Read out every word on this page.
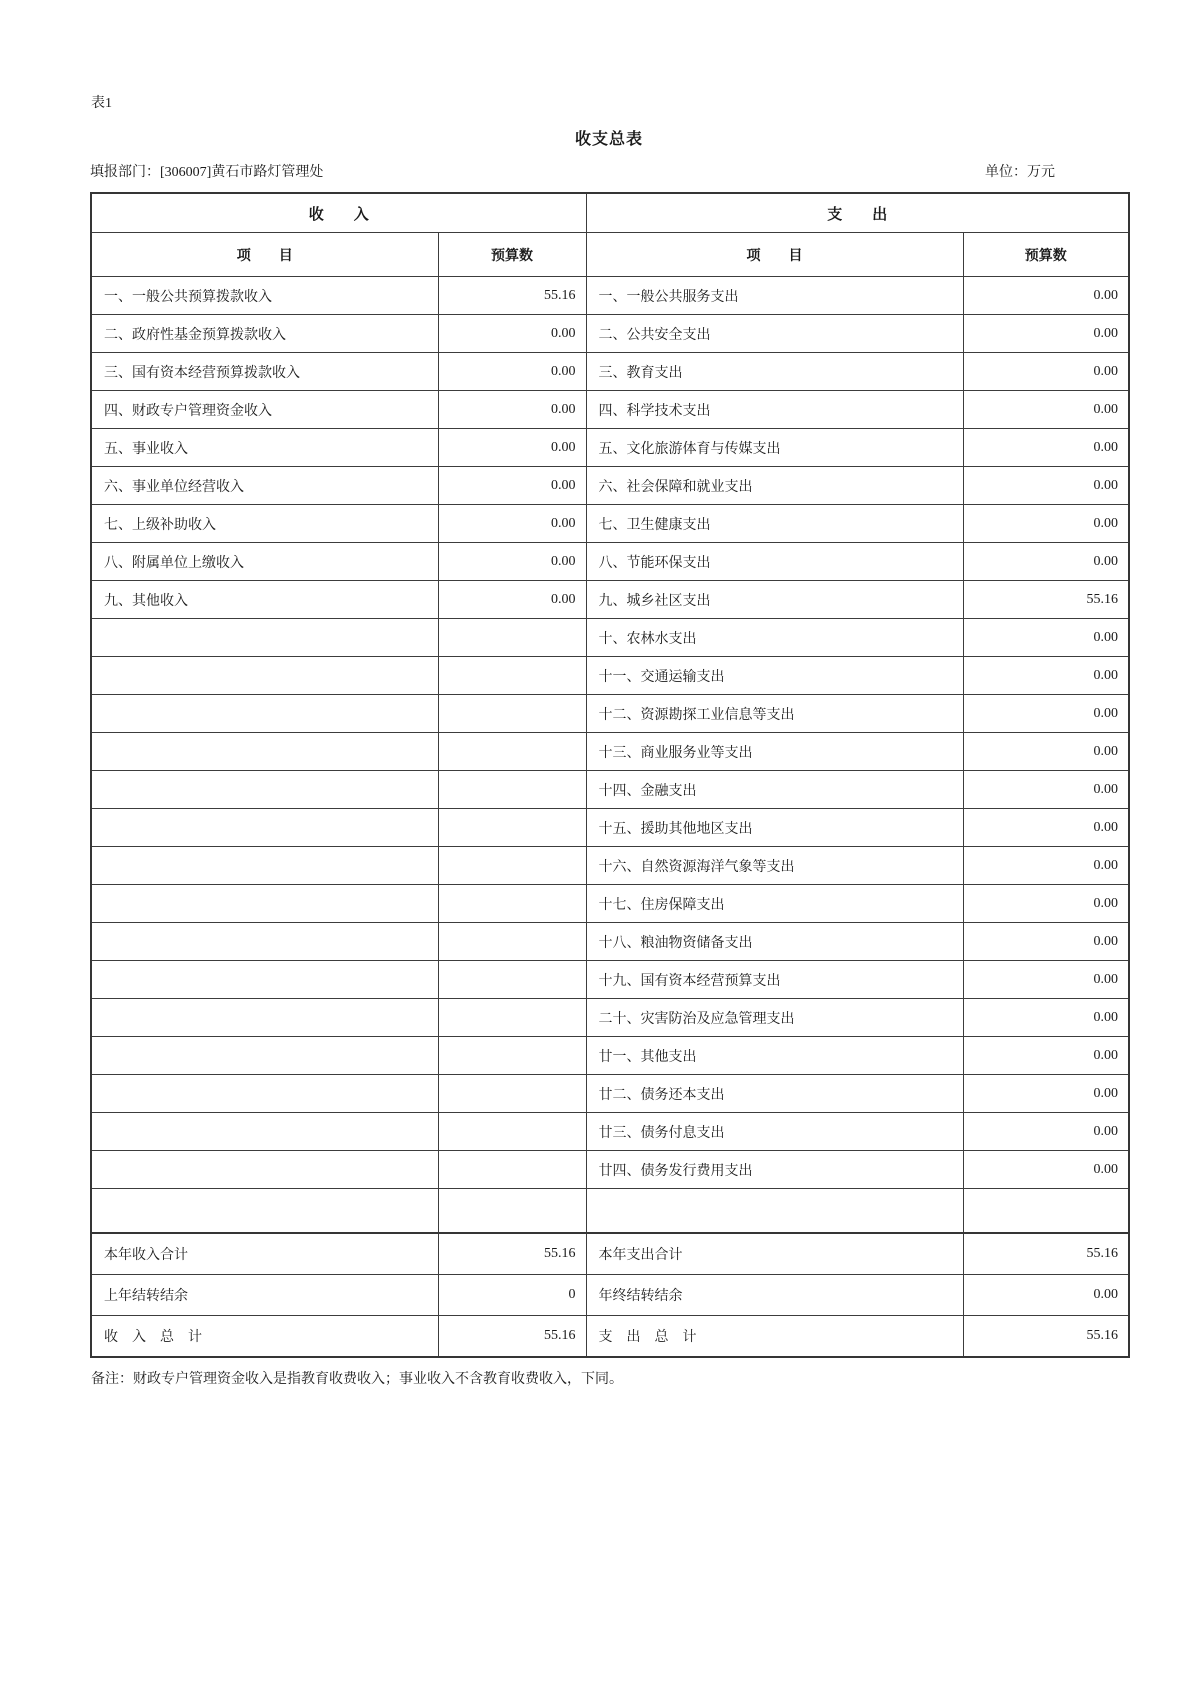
表1
收支总表
填报部门：[306007]黄石市路灯管理处	单位：万元
收　　入		支　　出	
项　　目	预算数	项　　目	预算数
一、一般公共预算拨款收入	55.16	一、一般公共服务支出	0.00
二、政府性基金预算拨款收入	0.00	二、公共安全支出	0.00
三、国有资本经营预算拨款收入	0.00	三、教育支出	0.00
四、财政专户管理资金收入	0.00	四、科学技术支出	0.00
五、事业收入	0.00	五、文化旅游体育与传媒支出	0.00
六、事业单位经营收入	0.00	六、社会保障和就业支出	0.00
七、上级补助收入	0.00	七、卫生健康支出	0.00
八、附属单位上缴收入	0.00	八、节能环保支出	0.00
九、其他收入	0.00	九、城乡社区支出	55.16
		十、农林水支出	0.00
		十一、交通运输支出	0.00
		十二、资源勘探工业信息等支出	0.00
		十三、商业服务业等支出	0.00
		十四、金融支出	0.00
		十五、援助其他地区支出	0.00
		十六、自然资源海洋气象等支出	0.00
		十七、住房保障支出	0.00
		十八、粮油物资储备支出	0.00
		十九、国有资本经营预算支出	0.00
		二十、灾害防治及应急管理支出	0.00
		廿一、其他支出	0.00
		廿二、债务还本支出	0.00
		廿三、债务付息支出	0.00
		廿四、债务发行费用支出	0.00

本年收入合计	55.16	本年支出合计	55.16
上年结转结余	0	年终结转结余	0.00
收　入　总　计	55.16	支　出　总　计	55.16
备注：财政专户管理资金收入是指教育收费收入；事业收入不含教育收费收入，下同。
